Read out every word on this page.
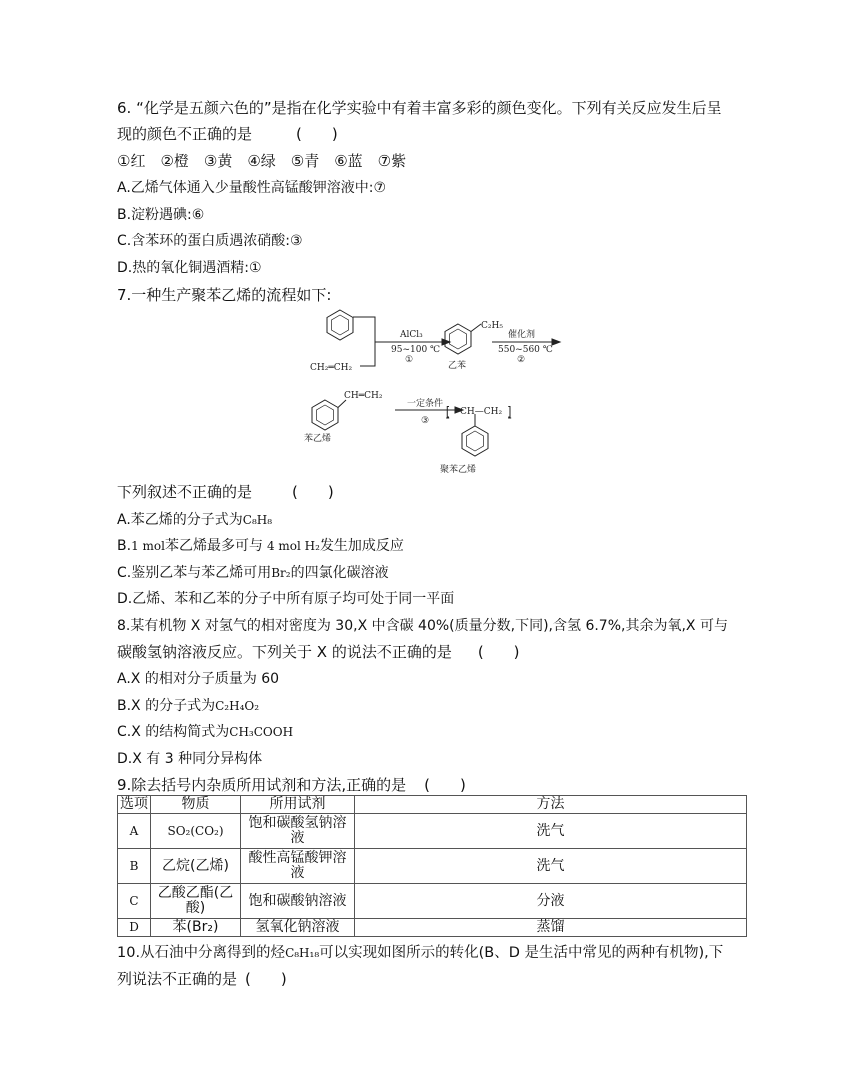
6. “化学是五颜六色的”是指在化学实验中有着丰富多彩的颜色变化。下列有关反应发生后呈
现的颜色不正确的是	(　　)
①红　②橙　③黄　④绿　⑤青　⑥蓝　⑦紫
A.乙烯气体通入少量酸性高锰酸钾溶液中:⑦
B.淀粉遇碘:⑥
C.含苯环的蛋白质遇浓硝酸:③
D.热的氧化铜遇酒精:①
7.一种生产聚苯乙烯的流程如下:
CH₂═CH₂
AlCl₃
95~100 ℃
①
C₂H₅
乙苯
催化剂
550~560 ℃
②
CH═CH₂
苯乙烯
一定条件
③
⦋ CH—CH₂ ⦌
聚苯乙烯
下列叙述不正确的是	(　　)
A.苯乙烯的分子式为C₈H₈
B.1 mol苯乙烯最多可与 4 mol H₂发生加成反应
C.鉴别乙苯与苯乙烯可用Br₂的四氯化碳溶液
D.乙烯、苯和乙苯的分子中所有原子均可处于同一平面
8.某有机物 X 对氢气的相对密度为 30,X 中含碳 40%(质量分数,下同),含氢 6.7%,其余为氧,X 可与
碳酸氢钠溶液反应。下列关于 X 的说法不正确的是 (　　)
A.X 的相对分子质量为 60
B.X 的分子式为C₂H₄O₂
C.X 的结构简式为CH₃COOH
D.X 有 3 种同分异构体
9.除去括号内杂质所用试剂和方法,正确的是 (　　)
选项	物质	所用试剂	方法
A	SO₂(CO₂)	饱和碳酸氢钠溶液	洗气
B	乙烷(乙烯)	酸性高锰酸钾溶液	洗气
C	乙酸乙酯(乙酸)	饱和碳酸钠溶液	分液
D	苯(Br₂)	氢氧化钠溶液	蒸馏
10.从石油中分离得到的烃C₈H₁₈可以实现如图所示的转化(B、D 是生活中常见的两种有机物),下
列说法不正确的是 (　　)
